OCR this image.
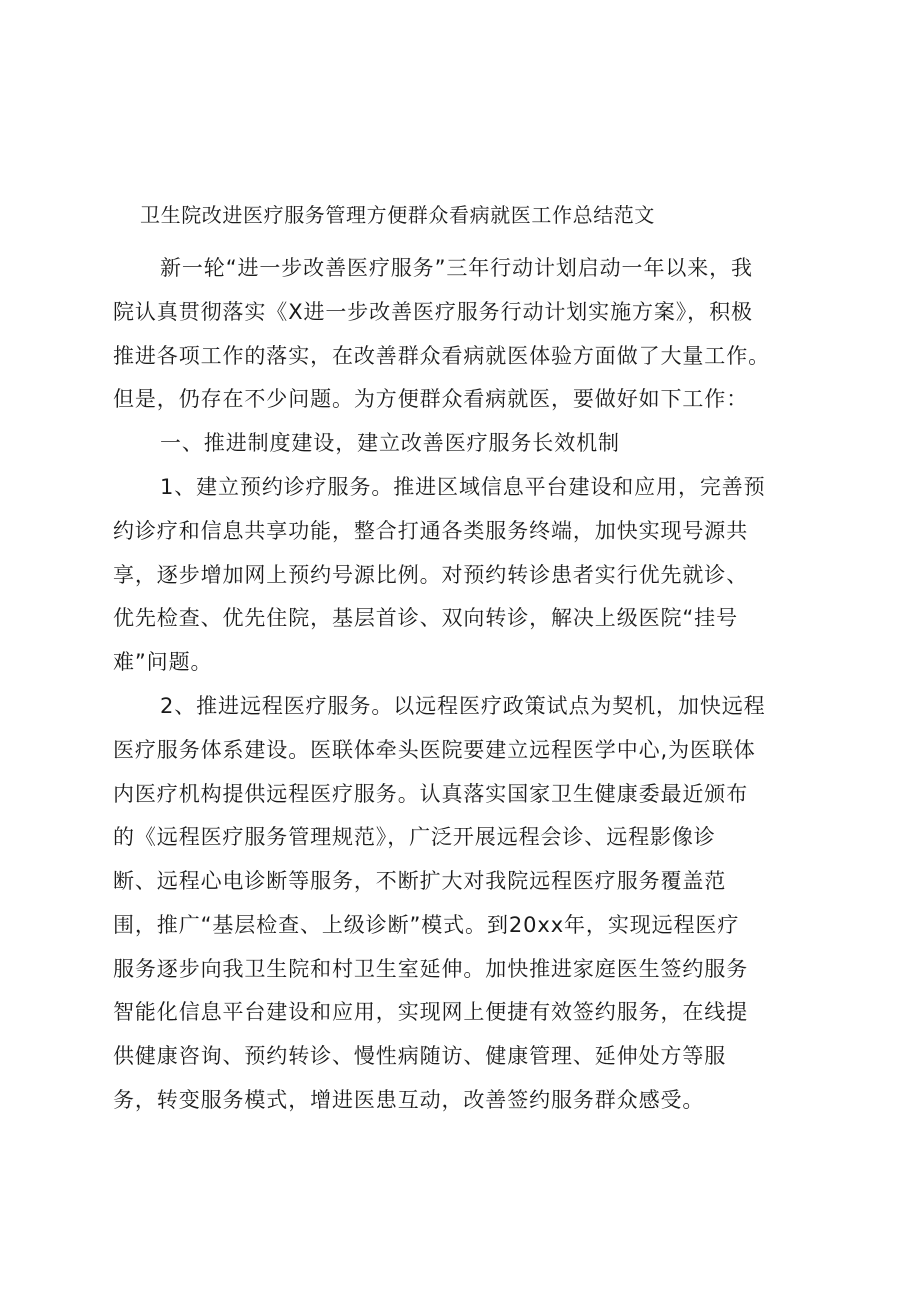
卫生院改进医疗服务管理方便群众看病就医工作总结范文
新一轮“进一步改善医疗服务”三年行动计划启动一年以来，我
院认真贯彻落实《X进一步改善医疗服务行动计划实施方案》，积极
推进各项工作的落实，在改善群众看病就医体验方面做了大量工作。
但是，仍存在不少问题。为方便群众看病就医，要做好如下工作：
一、推进制度建设，建立改善医疗服务长效机制
1、建立预约诊疗服务。推进区域信息平台建设和应用，完善预
约诊疗和信息共享功能，整合打通各类服务终端，加快实现号源共
享，逐步增加网上预约号源比例。对预约转诊患者实行优先就诊、
优先检查、优先住院，基层首诊、双向转诊，解决上级医院“挂号
难”问题。
2、推进远程医疗服务。以远程医疗政策试点为契机，加快远程
医疗服务体系建设。医联体牵头医院要建立远程医学中心,为医联体
内医疗机构提供远程医疗服务。认真落实国家卫生健康委最近颁布
的《远程医疗服务管理规范》，广泛开展远程会诊、远程影像诊
断、远程心电诊断等服务，不断扩大对我院远程医疗服务覆盖范
围，推广“基层检查、上级诊断”模式。到20xx年，实现远程医疗
服务逐步向我卫生院和村卫生室延伸。加快推进家庭医生签约服务
智能化信息平台建设和应用，实现网上便捷有效签约服务，在线提
供健康咨询、预约转诊、慢性病随访、健康管理、延伸处方等服
务，转变服务模式，增进医患互动，改善签约服务群众感受。
